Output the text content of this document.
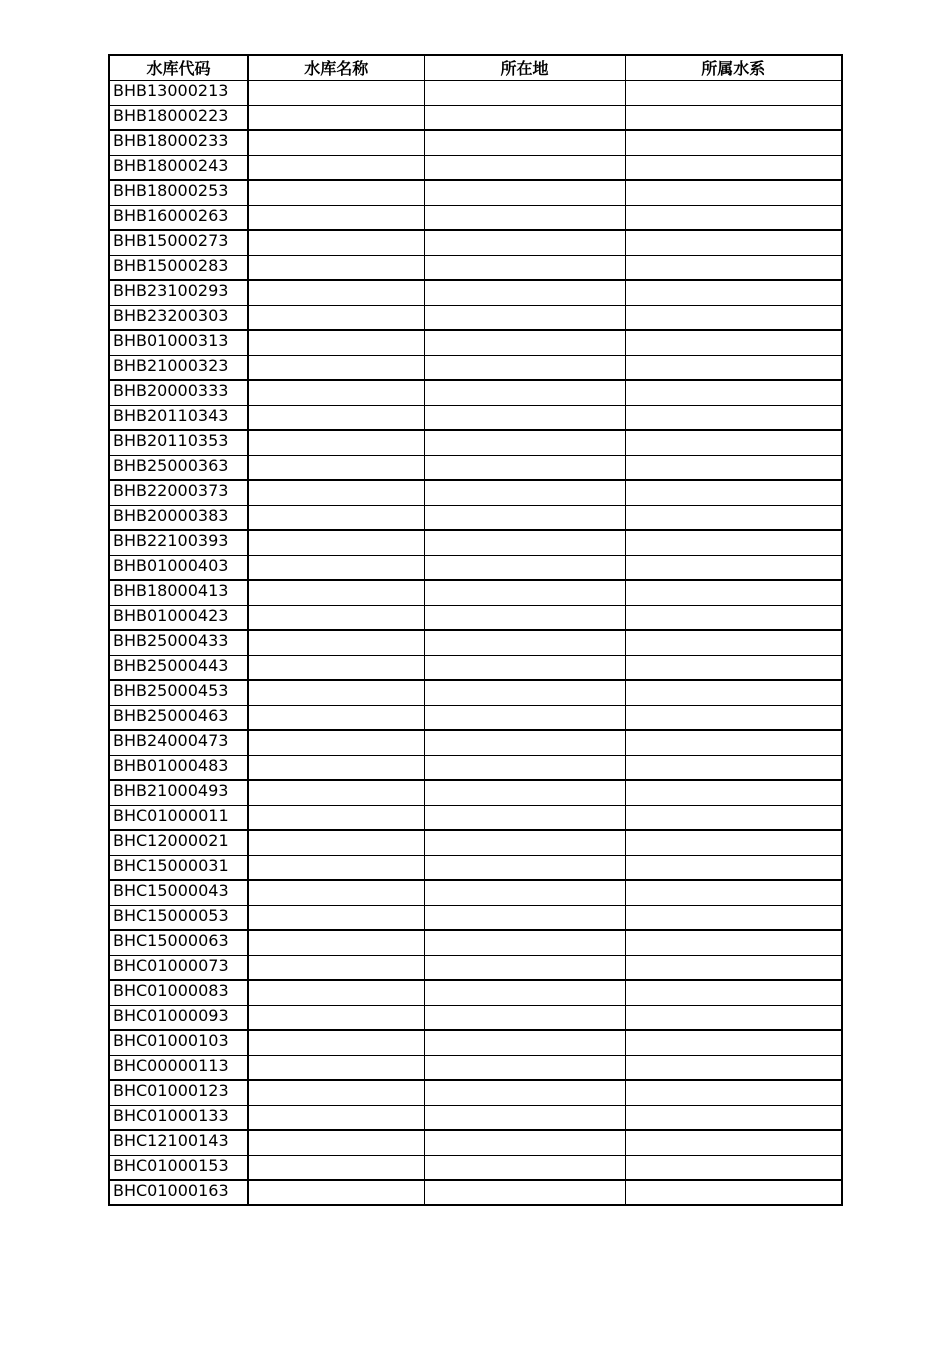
水库代码	水库名称	所在地	所属水系
BHB13000213			
BHB18000223			
BHB18000233			
BHB18000243			
BHB18000253			
BHB16000263			
BHB15000273			
BHB15000283			
BHB23100293			
BHB23200303			
BHB01000313			
BHB21000323			
BHB20000333			
BHB20110343			
BHB20110353			
BHB25000363			
BHB22000373			
BHB20000383			
BHB22100393			
BHB01000403			
BHB18000413			
BHB01000423			
BHB25000433			
BHB25000443			
BHB25000453			
BHB25000463			
BHB24000473			
BHB01000483			
BHB21000493			
BHC01000011			
BHC12000021			
BHC15000031			
BHC15000043			
BHC15000053			
BHC15000063			
BHC01000073			
BHC01000083			
BHC01000093			
BHC01000103			
BHC00000113			
BHC01000123			
BHC01000133			
BHC12100143			
BHC01000153			
BHC01000163			
